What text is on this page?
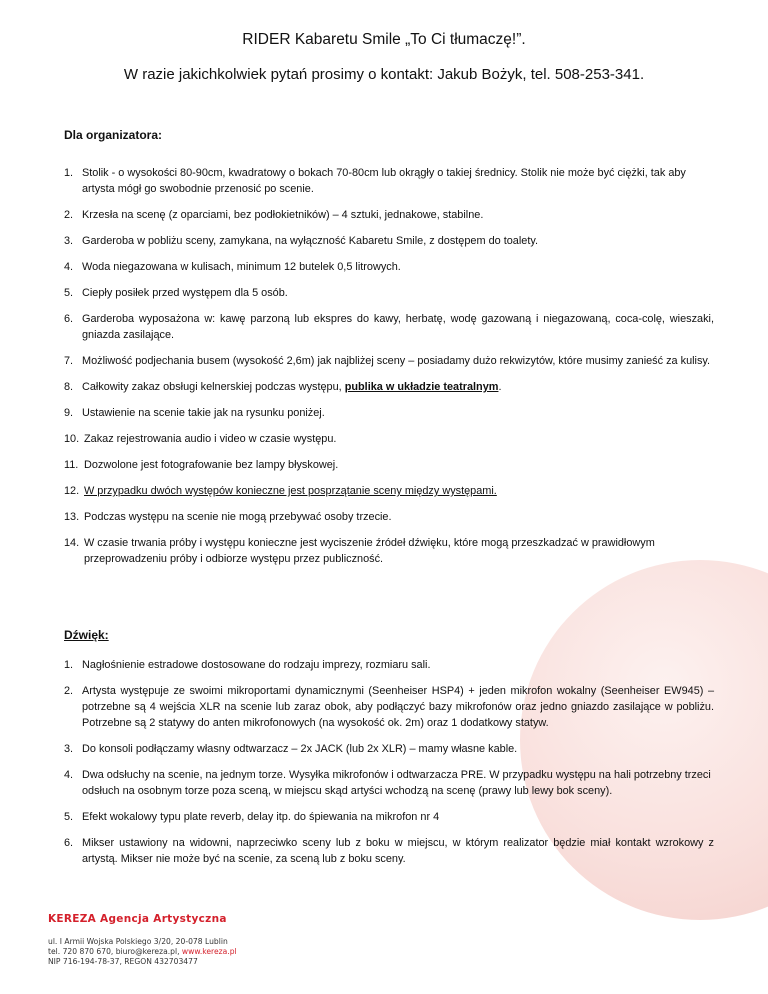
RIDER Kabaretu Smile „To Ci tłumaczę!”.
W razie jakichkolwiek pytań prosimy o kontakt: Jakub Bożyk, tel. 508-253-341.
Dla organizatora:
1. Stolik - o wysokości 80-90cm, kwadratowy o bokach 70-80cm lub okrągły o takiej średnicy. Stolik nie może być ciężki, tak aby artysta mógł go swobodnie przenosić po scenie.
2. Krzesła na scenę (z oparciami, bez podłokietników) – 4 sztuki, jednakowe, stabilne.
3. Garderoba w pobliżu sceny, zamykana, na wyłączność Kabaretu Smile, z dostępem do toalety.
4. Woda niegazowana w kulisach, minimum 12 butelek 0,5 litrowych.
5. Ciepły posiłek przed występem dla 5 osób.
6. Garderoba wyposażona w: kawę parzoną lub ekspres do kawy, herbatę, wodę gazowaną i niegazowaną, coca-colę, wieszaki, gniazda zasilające.
7. Możliwość podjechania busem (wysokość 2,6m) jak najbliżej sceny – posiadamy dużo rekwizytów, które musimy zanieść za kulisy.
8. Całkowity zakaz obsługi kelnerskiej podczas występu, publika w układzie teatralnym.
9. Ustawienie na scenie takie jak na rysunku poniżej.
10. Zakaz rejestrowania audio i video w czasie występu.
11. Dozwolone jest fotografowanie bez lampy błyskowej.
12. W przypadku dwóch występów konieczne jest posprzątanie sceny między występami.
13. Podczas występu na scenie nie mogą przebywać osoby trzecie.
14. W czasie trwania próby i występu konieczne jest wyciszenie źródeł dźwięku, które mogą przeszkadzać w prawidłowym przeprowadzeniu próby i odbiorze występu przez publiczność.
Dźwięk:
1. Nagłośnienie estradowe dostosowane do rodzaju imprezy, rozmiaru sali.
2. Artysta występuje ze swoimi mikroportami dynamicznymi (Seenheiser HSP4) + jeden mikrofon wokalny (Seenheiser EW945) – potrzebne są 4 wejścia XLR na scenie lub zaraz obok, aby podłączyć bazy mikrofonów oraz jedno gniazdo zasilające w pobliżu. Potrzebne są 2 statywy do anten mikrofonowych (na wysokość ok. 2m) oraz 1 dodatkowy statyw.
3. Do konsoli podłączamy własny odtwarzacz – 2x JACK (lub 2x XLR) – mamy własne kable.
4. Dwa odsłuchy na scenie, na jednym torze. Wysyłka mikrofonów i odtwarzacza PRE. W przypadku występu na hali potrzebny trzeci odsłuch na osobnym torze poza sceną, w miejscu skąd artyści wchodzą na scenę (prawy lub lewy bok sceny).
5. Efekt wokalowy typu plate reverb, delay itp. do śpiewania na mikrofon nr 4
6. Mikser ustawiony na widowni, naprzeciwko sceny lub z boku w miejscu, w którym realizator będzie miał kontakt wzrokowy z artystą. Mikser nie może być na scenie, za sceną lub z boku sceny.
KEREZA Agencja Artystyczna
ul. I Armii Wojska Polskiego 3/20, 20-078 Lublin
tel. 720 870 670, biuro@kereza.pl, www.kereza.pl
NIP 716-194-78-37, REGON 432703477
